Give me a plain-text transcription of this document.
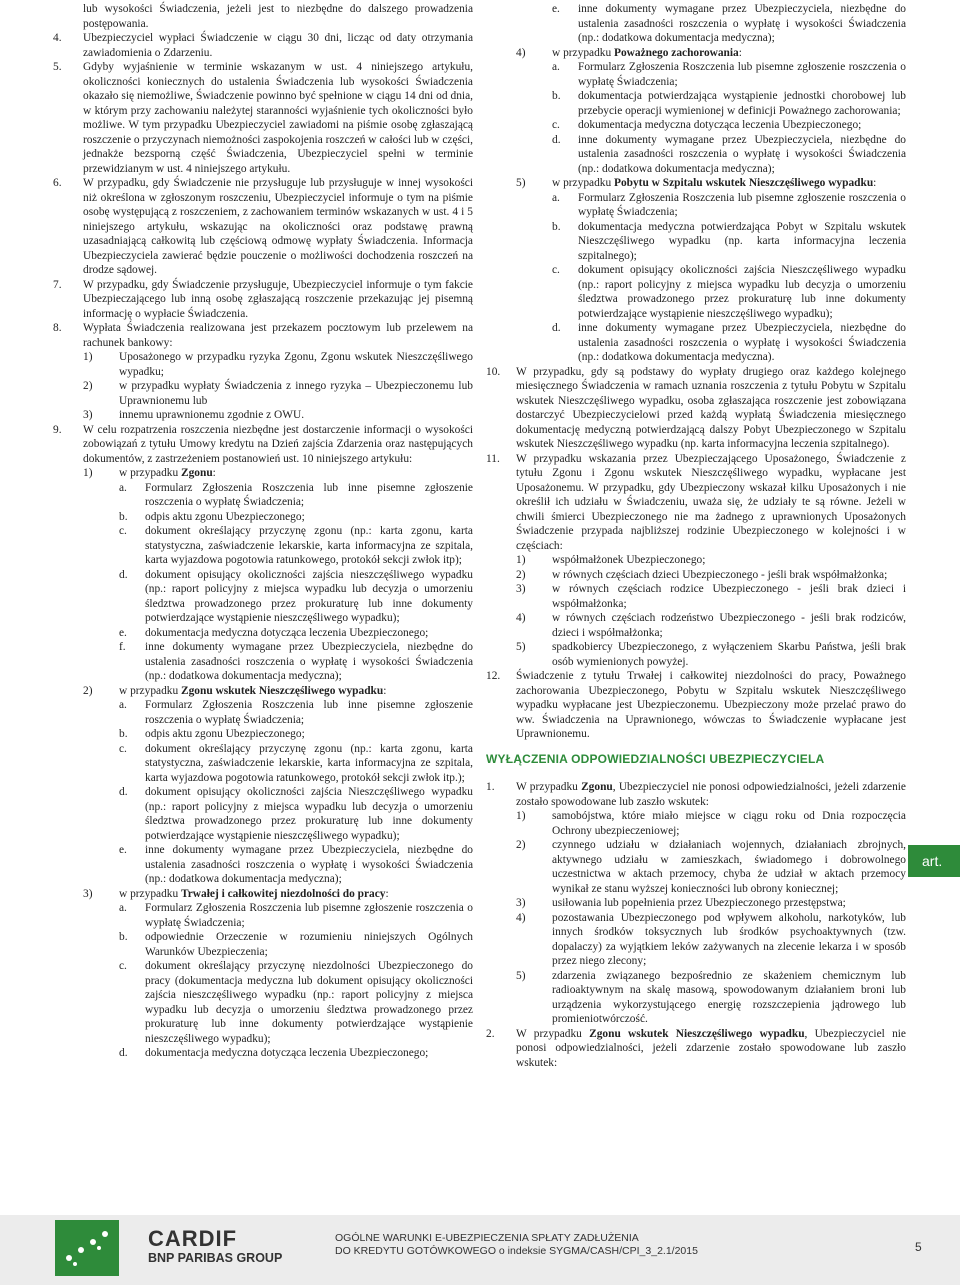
lub wysokości Świadczenia, jeżeli jest to niezbędne do dalszego prowadzenia postępowania.

4.	Ubezpieczyciel wypłaci Świadczenie w ciągu 30 dni, licząc od daty otrzymania zawiadomienia o Zdarzeniu.
5.	Gdyby wyjaśnienie w terminie wskazanym w ust. 4 niniejszego artykułu, okoliczności koniecznych do ustalenia Świadczenia lub wysokości Świadczenia okazało się niemożliwe, Świadczenie powinno być spełnione w ciągu 14 dni od dnia, w którym przy zachowaniu należytej staranności wyjaśnienie tych okoliczności było możliwe. W tym przypadku Ubezpieczyciel zawiadomi na piśmie osobę zgłaszającą roszczenie o przyczynach niemożności zaspokojenia roszczeń w całości lub w części, jednakże bezsporną część Świadczenia, Ubezpieczyciel spełni w terminie przewidzianym w ust. 4 niniejszego artykułu.
6.	W przypadku, gdy Świadczenie nie przysługuje lub przysługuje w innej wysokości niż określona w zgłoszonym roszczeniu, Ubezpieczyciel informuje o tym na piśmie osobę występującą z roszczeniem, z zachowaniem terminów wskazanych w ust. 4 i 5 niniejszego artykułu, wskazując na okoliczności oraz podstawę prawną uzasadniającą całkowitą lub częściową odmowę wypłaty Świadczenia. Informacja Ubezpieczyciela zawierać będzie pouczenie o możliwości dochodzenia roszczeń na drodze sądowej.
7.	W przypadku, gdy Świadczenie przysługuje, Ubezpieczyciel informuje o tym fakcie Ubezpieczającego lub inną osobę zgłaszającą roszczenie przekazując jej pisemną informację o wypłacie Świadczenia.
8.	Wypłata Świadczenia realizowana jest przekazem pocztowym lub przelewem na rachunek bankowy:
1)	Uposażonego w przypadku ryzyka Zgonu, Zgonu wskutek Nieszczęśliwego wypadku;
2)	w przypadku wypłaty Świadczenia z innego ryzyka – Ubezpieczonemu lub Uprawnionemu lub
3)	innemu uprawnionemu zgodnie z OWU.
9.	W celu rozpatrzenia roszczenia niezbędne jest dostarczenie informacji o wysokości zobowiązań z tytułu Umowy kredytu na Dzień zajścia Zdarzenia oraz następujących dokumentów, z zastrzeżeniem postanowień ust. 10 niniejszego artykułu:
1)	w przypadku Zgonu:
a.	Formularz Zgłoszenia Roszczenia lub inne pisemne zgłoszenie roszczenia o wypłatę Świadczenia;
b.	odpis aktu zgonu Ubezpieczonego;
c.	dokument określający przyczynę zgonu (np.: karta zgonu, karta statystyczna, zaświadczenie lekarskie, karta informacyjna ze szpitala, karta wyjazdowa pogotowia ratunkowego, protokół sekcji zwłok itp);
d.	dokument opisujący okoliczności zajścia nieszczęśliwego wypadku (np.: raport policyjny z miejsca wypadku lub decyzja o umorzeniu śledztwa prowadzonego przez prokuraturę lub inne dokumenty potwierdzające wystąpienie nieszczęśliwego wypadku);
e.	dokumentacja medyczna dotycząca leczenia Ubezpieczonego;
f.	inne dokumenty wymagane przez Ubezpieczyciela, niezbędne do ustalenia zasadności roszczenia o wypłatę i wysokości Świadczenia (np.: dodatkowa dokumentacja medyczna);
2)	w przypadku Zgonu wskutek Nieszczęśliwego wypadku:
a.	Formularz Zgłoszenia Roszczenia lub inne pisemne zgłoszenie roszczenia o wypłatę Świadczenia;
b.	odpis aktu zgonu Ubezpieczonego;
c.	dokument określający przyczynę zgonu (np.: karta zgonu, karta statystyczna, zaświadczenie lekarskie, karta informacyjna ze szpitala, karta wyjazdowa pogotowia ratunkowego, protokół sekcji zwłok itp.);
d.	dokument opisujący okoliczności zajścia Nieszczęśliwego wypadku (np.: raport policyjny z miejsca wypadku lub decyzja o umorzeniu śledztwa prowadzonego przez prokuraturę lub inne dokumenty potwierdzające wystąpienie nieszczęśliwego wypadku);
e.	inne dokumenty wymagane przez Ubezpieczyciela, niezbędne do ustalenia zasadności roszczenia o wypłatę i wysokości Świadczenia (np.: dodatkowa dokumentacja medyczna);
3)	w przypadku Trwałej i całkowitej niezdolności do pracy:
a.	Formularz Zgłoszenia Roszczenia lub pisemne zgłoszenie roszczenia o wypłatę Świadczenia;
b.	odpowiednie Orzeczenie w rozumieniu niniejszych Ogólnych Warunków Ubezpieczenia;
c.	dokument określający przyczynę niezdolności Ubezpieczonego do pracy (dokumentacja medyczna lub dokument opisujący okoliczności zajścia nieszczęśliwego wypadku (np.: raport policyjny z miejsca wypadku lub decyzja o umorzeniu śledztwa prowadzonego przez prokuraturę lub inne dokumenty potwierdzające wystąpienie nieszczęśliwego wypadku);
d.	dokumentacja medyczna dotycząca leczenia Ubezpieczonego;
e.	inne dokumenty wymagane przez Ubezpieczyciela, niezbędne do ustalenia zasadności roszczenia o wypłatę i wysokości Świadczenia (np.: dodatkowa dokumentacja medyczna);
4)	w przypadku Poważnego zachorowania:
a.	Formularz Zgłoszenia Roszczenia lub pisemne zgłoszenie roszczenia o wypłatę Świadczenia;
b.	dokumentacja potwierdzająca wystąpienie jednostki chorobowej lub przebycie operacji wymienionej w definicji Poważnego zachorowania;
c.	dokumentacja medyczna dotycząca leczenia Ubezpieczonego;
d.	inne dokumenty wymagane przez Ubezpieczyciela, niezbędne do ustalenia zasadności roszczenia o wypłatę i wysokości Świadczenia (np.: dodatkowa dokumentacja medyczna);
5)	w przypadku Pobytu w Szpitalu wskutek Nieszczęśliwego wypadku:
a.	Formularz Zgłoszenia Roszczenia lub pisemne zgłoszenie roszczenia o wypłatę Świadczenia;
b.	dokumentacja medyczna potwierdzająca Pobyt w Szpitalu wskutek Nieszczęśliwego wypadku (np. karta informacyjna leczenia szpitalnego);
c.	dokument opisujący okoliczności zajścia Nieszczęśliwego wypadku (np.: raport policyjny z miejsca wypadku lub decyzja o umorzeniu śledztwa prowadzonego przez prokuraturę lub inne dokumenty potwierdzające wystąpienie nieszczęśliwego wypadku);
d.	inne dokumenty wymagane przez Ubezpieczyciela, niezbędne do ustalenia zasadności roszczenia o wypłatę i wysokości Świadczenia (np.: dodatkowa dokumentacja medyczna).
10.	W przypadku, gdy są podstawy do wypłaty drugiego oraz każdego kolejnego miesięcznego Świadczenia w ramach uznania roszczenia z tytułu Pobytu w Szpitalu wskutek Nieszczęśliwego wypadku, osoba zgłaszająca roszczenie jest zobowiązana dostarczyć Ubezpieczycielowi przed każdą wypłatą Świadczenia miesięcznego dokumentację medyczną potwierdzającą dalszy Pobyt Ubezpieczonego w Szpitalu wskutek Nieszczęśliwego wypadku (np. karta informacyjna leczenia szpitalnego).
11.	W przypadku wskazania przez Ubezpieczającego Uposażonego, Świadczenie z tytułu Zgonu i Zgonu wskutek Nieszczęśliwego wypadku, wypłacane jest Uposażonemu. W przypadku, gdy Ubezpieczony wskazał kilku Uposażonych i nie określił ich udziału w Świadczeniu, uważa się, że udziały te są równe. Jeżeli w chwili śmierci Ubezpieczonego nie ma żadnego z uprawnionych Uposażonych Świadczenie przypada najbliższej rodzinie Ubezpieczonego w kolejności i w częściach:
1)	współmałżonek Ubezpieczonego;
2)	w równych częściach dzieci Ubezpieczonego - jeśli brak współmałżonka;
3)	w równych częściach rodzice Ubezpieczonego - jeśli brak dzieci i współmałżonka;
4)	w równych częściach rodzeństwo Ubezpieczonego - jeśli brak rodziców, dzieci i współmałżonka;
5)	spadkobiercy Ubezpieczonego, z wyłączeniem Skarbu Państwa, jeśli brak osób wymienionych powyżej.
12.	Świadczenie z tytułu Trwałej i całkowitej niezdolności do pracy, Poważnego zachorowania Ubezpieczonego, Pobytu w Szpitalu wskutek Nieszczęśliwego wypadku wypłacane jest Ubezpieczonemu. Ubezpieczony może przelać prawo do ww. Świadczenia na Uprawnionego, wówczas to Świadczenie wypłacane jest Uprawnionemu.
WYŁĄCZENIA ODPOWIEDZIALNOŚCI UBEZPIECZYCIELA
1.	W przypadku Zgonu, Ubezpieczyciel nie ponosi odpowiedzialności, jeżeli zdarzenie zostało spowodowane lub zaszło wskutek:
1)	samobójstwa, które miało miejsce w ciągu roku od Dnia rozpoczęcia Ochrony ubezpieczeniowej;
2)	czynnego udziału w działaniach wojennych, działaniach zbrojnych, aktywnego udziału w zamieszkach, świadomego i dobrowolnego uczestnictwa w aktach przemocy, chyba że udział w aktach przemocy wynikał ze stanu wyższej konieczności lub obrony koniecznej;
3)	usiłowania lub popełnienia przez Ubezpieczonego przestępstwa;
4)	pozostawania Ubezpieczonego pod wpływem alkoholu, narkotyków, lub innych środków toksycznych lub środków psychoaktywnych (tzw. dopalaczy) za wyjątkiem leków zażywanych na zlecenie lekarza i w sposób przez niego zlecony;
5)	zdarzenia związanego bezpośrednio ze skażeniem chemicznym lub radioaktywnym na skalę masową, spowodowanym działaniem broni lub urządzenia wykorzystującego energię rozszczepienia jądrowego lub promieniotwórczość.
2.	W przypadku Zgonu wskutek Nieszczęśliwego wypadku, Ubezpieczyciel nie ponosi odpowiedzialności, jeżeli zdarzenie zostało spowodowane lub zaszło wskutek:
art. 13
CARDIF
BNP PARIBAS GROUP
OGÓLNE WARUNKI E-UBEZPIECZENIA SPŁATY ZADŁUŻENIA
DO KREDYTU GOTÓWKOWEGO o indeksie SYGMA/CASH/CPI_3_2.1/2015	5
